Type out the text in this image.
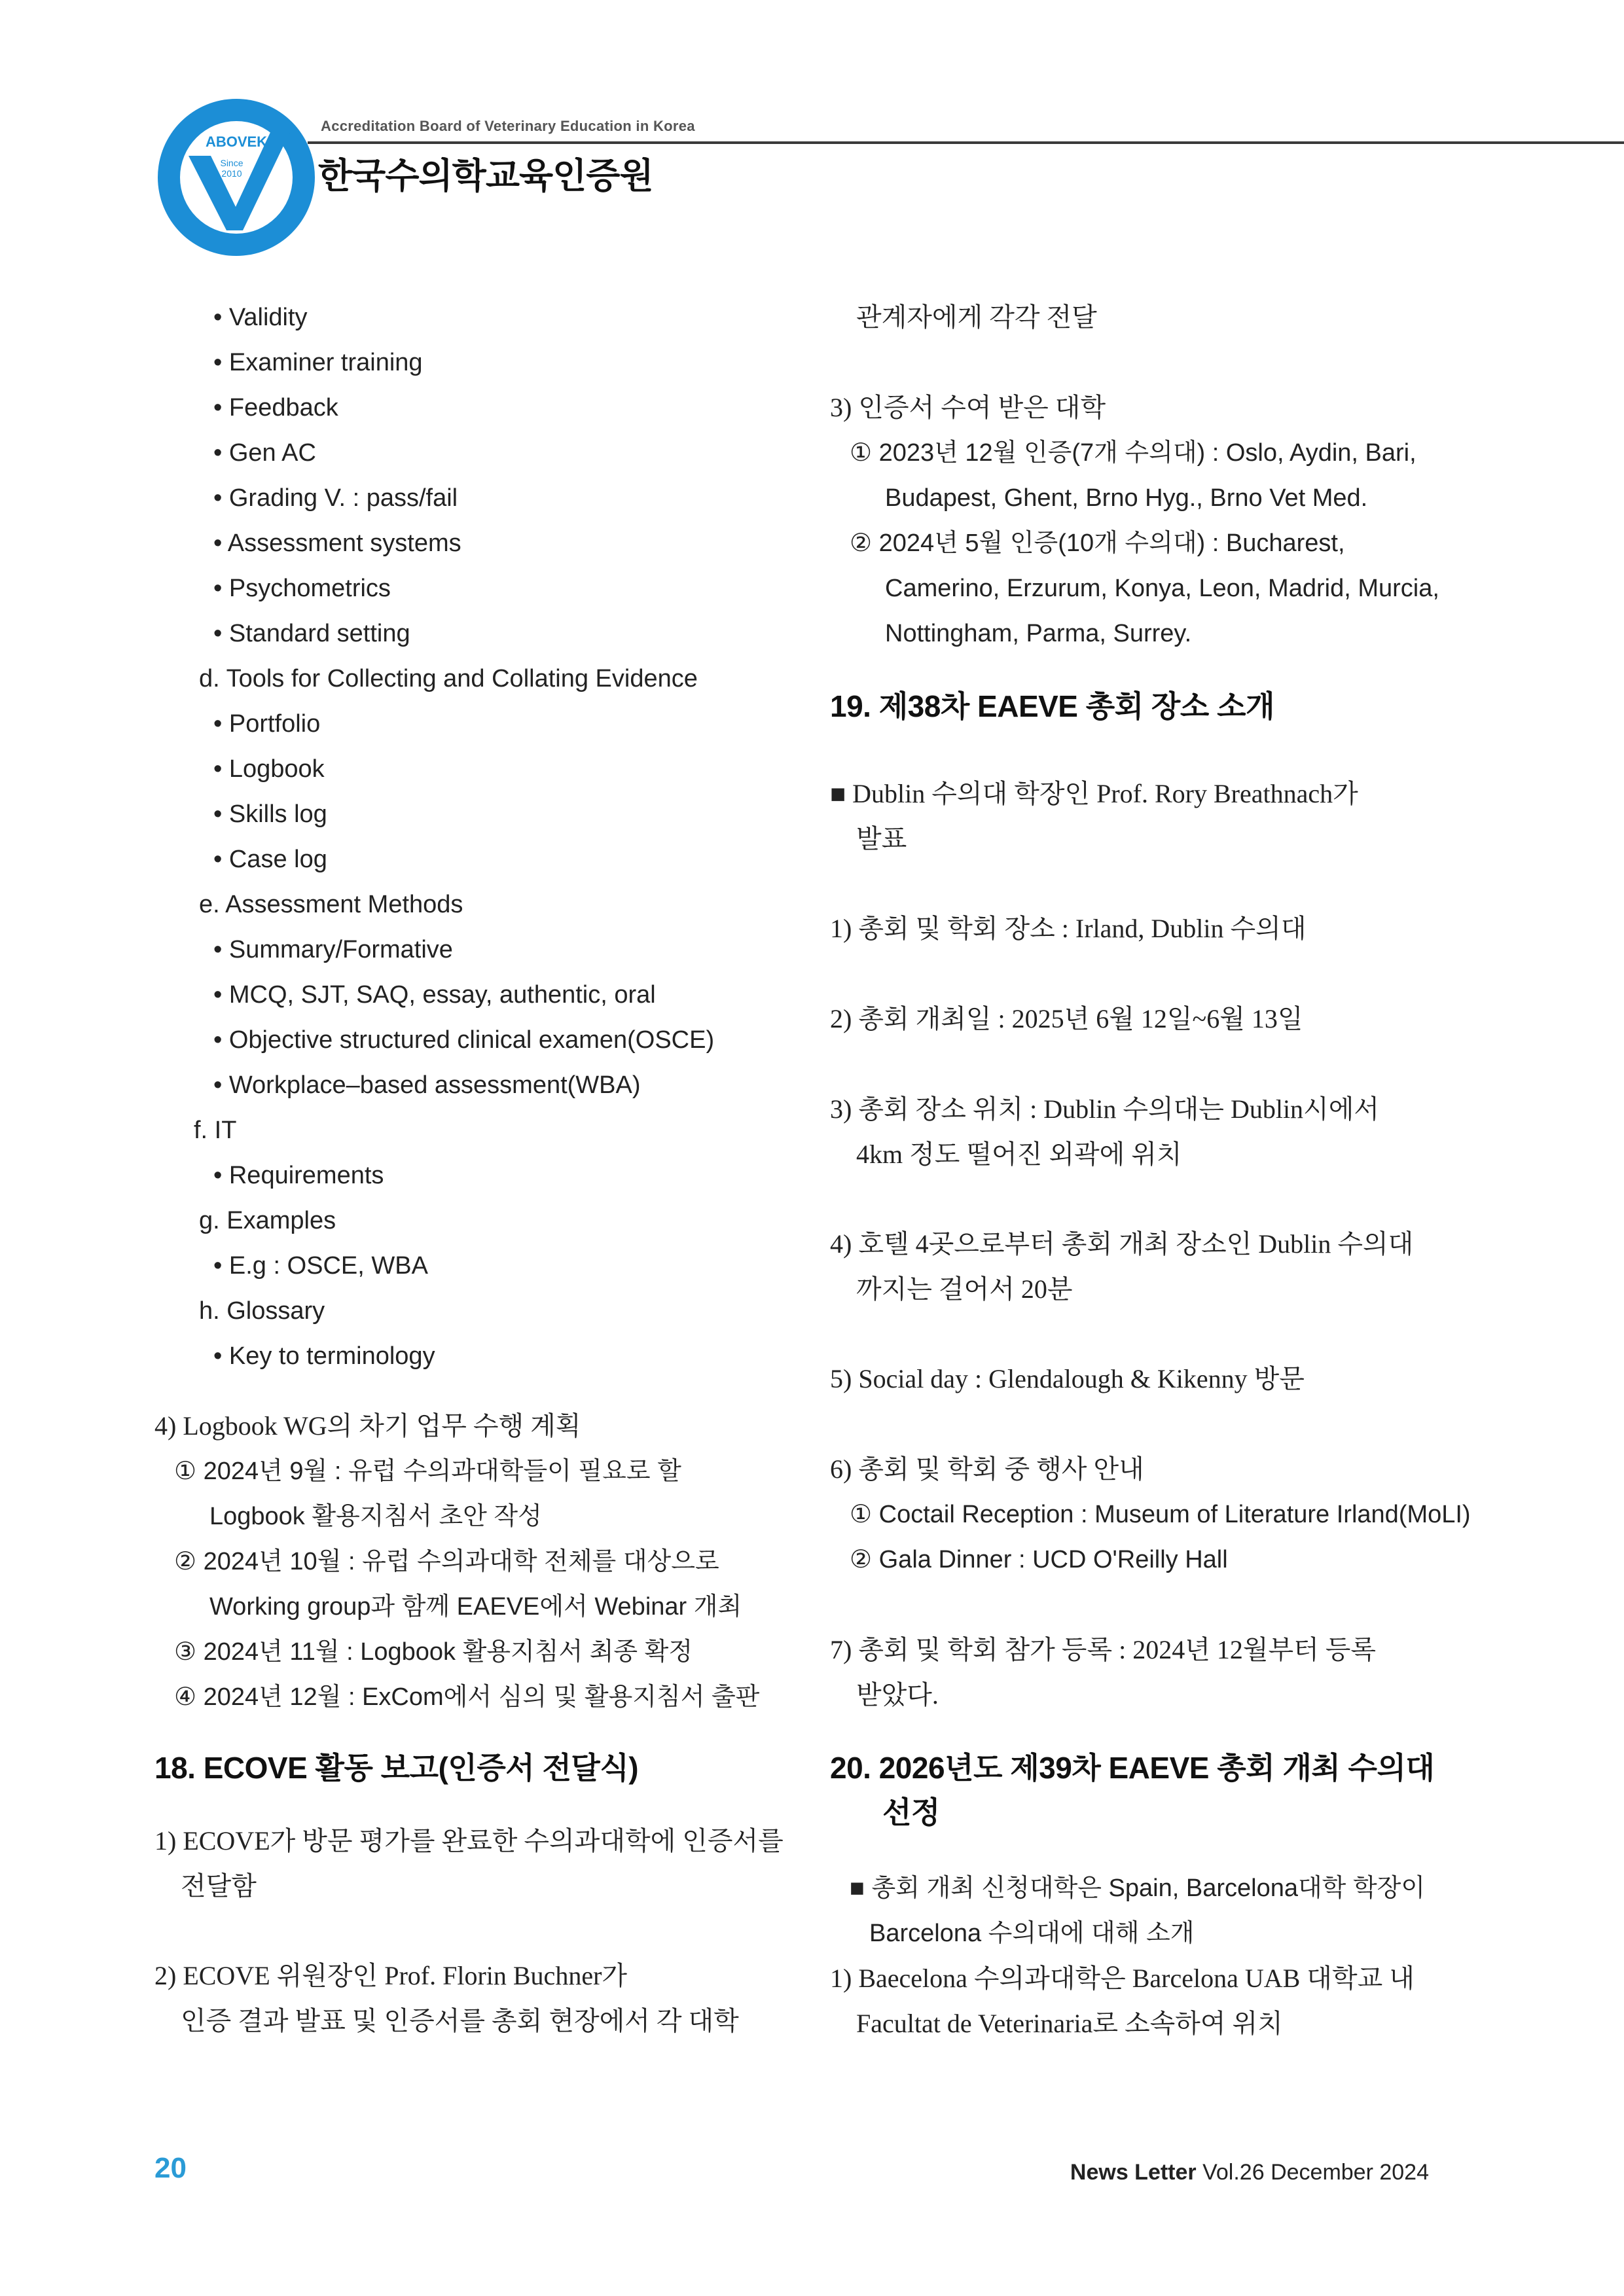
ABOVEK
Since
2010
Accreditation Board of Veterinary Education in Korea
한국수의학교육인증원
• Validity
• Examiner training
• Feedback
• Gen AC
• Grading V. : pass/fail
• Assessment systems
• Psychometrics
• Standard setting
d. Tools for Collecting and Collating Evidence
• Portfolio
• Logbook
• Skills log
• Case log
e. Assessment Methods
• Summary/Formative
• MCQ, SJT, SAQ, essay, authentic, oral
• Objective structured clinical examen(OSCE)
• Workplace–based assessment(WBA)
f. IT
• Requirements
g. Examples
• E.g : OSCE, WBA
h. Glossary
• Key to terminology
4) Logbook WG의 차기 업무 수행 계획
① 2024년 9월 : 유럽 수의과대학들이 필요로 할
Logbook 활용지침서 초안 작성
② 2024년 10월 : 유럽 수의과대학 전체를 대상으로
Working group과 함께 EAEVE에서 Webinar 개최
③ 2024년 11월 : Logbook 활용지침서 최종 확정
④ 2024년 12월 : ExCom에서 심의 및 활용지침서 출판
18. ECOVE 활동 보고(인증서 전달식)
1) ECOVE가 방문 평가를 완료한 수의과대학에 인증서를
전달함
2) ECOVE 위원장인 Prof. Florin Buchner가
인증 결과 발표 및 인증서를 총회 현장에서 각 대학
관계자에게 각각 전달
3) 인증서 수여 받은 대학
① 2023년 12월 인증(7개 수의대) : Oslo, Aydin, Bari,
Budapest, Ghent, Brno Hyg., Brno Vet Med.
② 2024년 5월 인증(10개 수의대) : Bucharest,
Camerino, Erzurum, Konya, Leon, Madrid, Murcia,
Nottingham, Parma, Surrey.
19. 제38차 EAEVE 총회 장소 소개
■ Dublin 수의대 학장인 Prof. Rory Breathnach가
발표
1) 총회 및 학회 장소 : Irland, Dublin 수의대
2) 총회 개최일 : 2025년 6월 12일~6월 13일
3) 총회 장소 위치 : Dublin 수의대는 Dublin시에서
4km 정도 떨어진 외곽에 위치
4) 호텔 4곳으로부터 총회 개최 장소인 Dublin 수의대
까지는 걸어서 20분
5) Social day : Glendalough & Kikenny 방문
6) 총회 및 학회 중 행사 안내
① Coctail Reception : Museum of Literature Irland(MoLI)
② Gala Dinner : UCD O'Reilly Hall
7) 총회 및 학회 참가 등록 : 2024년 12월부터 등록
받았다.
20. 2026년도 제39차 EAEVE 총회 개최 수의대
선정
■ 총회 개최 신청대학은 Spain, Barcelona대학 학장이
Barcelona 수의대에 대해 소개
1) Baecelona 수의과대학은 Barcelona UAB 대학교 내
Facultat de Veterinaria로 소속하여 위치
20	News Letter Vol.26 December 2024
